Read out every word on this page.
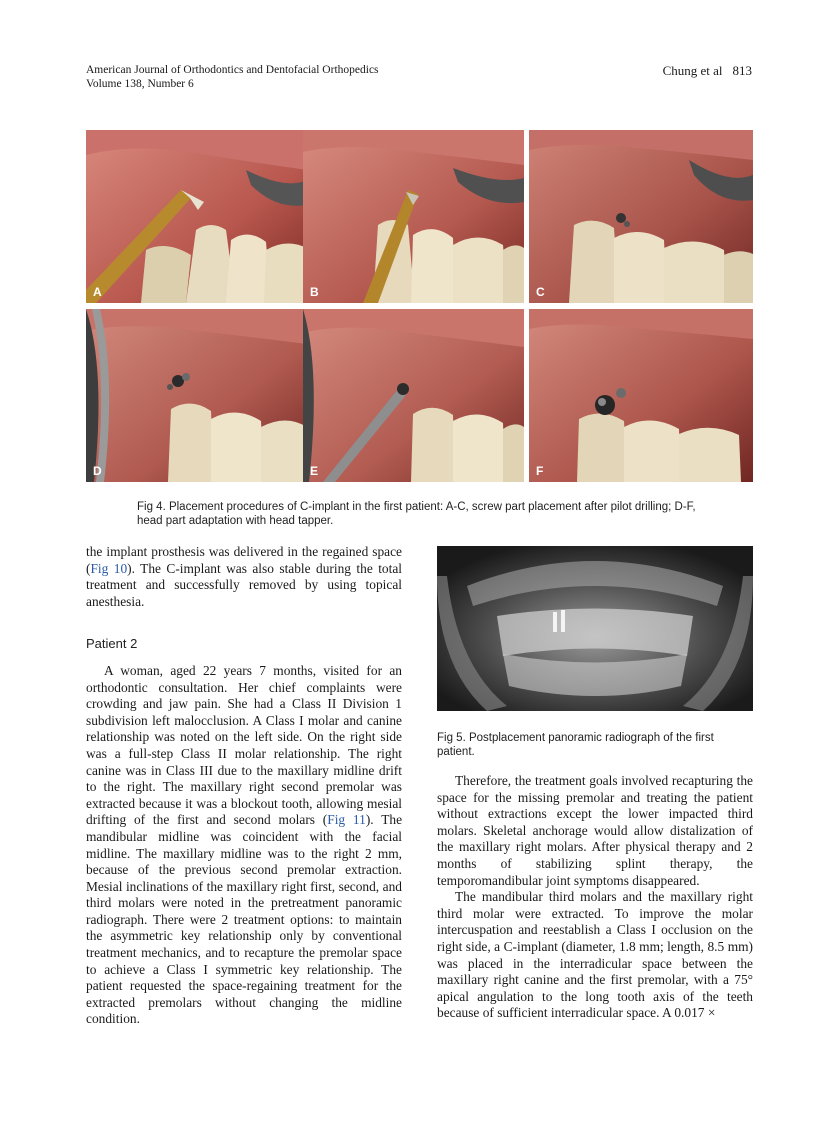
American Journal of Orthodontics and Dentofacial Orthopedics
Volume 138, Number 6
Chung et al 813
A	B	C
D	E	F
Fig 4. Placement procedures of C-implant in the first patient: A-C, screw part placement after pilot drilling; D-F, head part adaptation with head tapper.

the implant prosthesis was delivered in the regained space (Fig 10). The C-implant was also stable during the total treatment and successfully removed by using topical anesthesia.

Patient 2

A woman, aged 22 years 7 months, visited for an orthodontic consultation. Her chief complaints were crowding and jaw pain. She had a Class II Division 1 subdivision left malocclusion. A Class I molar and canine relationship was noted on the left side. On the right side was a full-step Class II molar relationship. The right canine was in Class III due to the maxillary midline drift to the right. The maxillary right second premolar was extracted because it was a blockout tooth, allowing mesial drifting of the first and second molars (Fig 11). The mandibular midline was coincident with the facial midline. The maxillary midline was to the right 2 mm, because of the previous second premolar extraction. Mesial inclinations of the maxillary right first, second, and third molars were noted in the pretreatment panoramic radiograph. There were 2 treatment options: to maintain the asymmetric key relationship only by conventional treatment mechanics, and to recapture the premolar space to achieve a Class I symmetric key relationship. The patient requested the space-regaining treatment for the extracted premolars without changing the midline condition.

Fig 5. Postplacement panoramic radiograph of the first patient.

Therefore, the treatment goals involved recapturing the space for the missing premolar and treating the patient without extractions except the lower impacted third molars. Skeletal anchorage would allow distalization of the maxillary right molars. After physical therapy and 2 months of stabilizing splint therapy, the temporomandibular joint symptoms disappeared.

The mandibular third molars and the maxillary right third molar were extracted. To improve the molar intercuspation and reestablish a Class I occlusion on the right side, a C-implant (diameter, 1.8 mm; length, 8.5 mm) was placed in the interradicular space between the maxillary right canine and the first premolar, with a 75° apical angulation to the long tooth axis of the teeth because of sufficient interradicular space. A 0.017 ×
